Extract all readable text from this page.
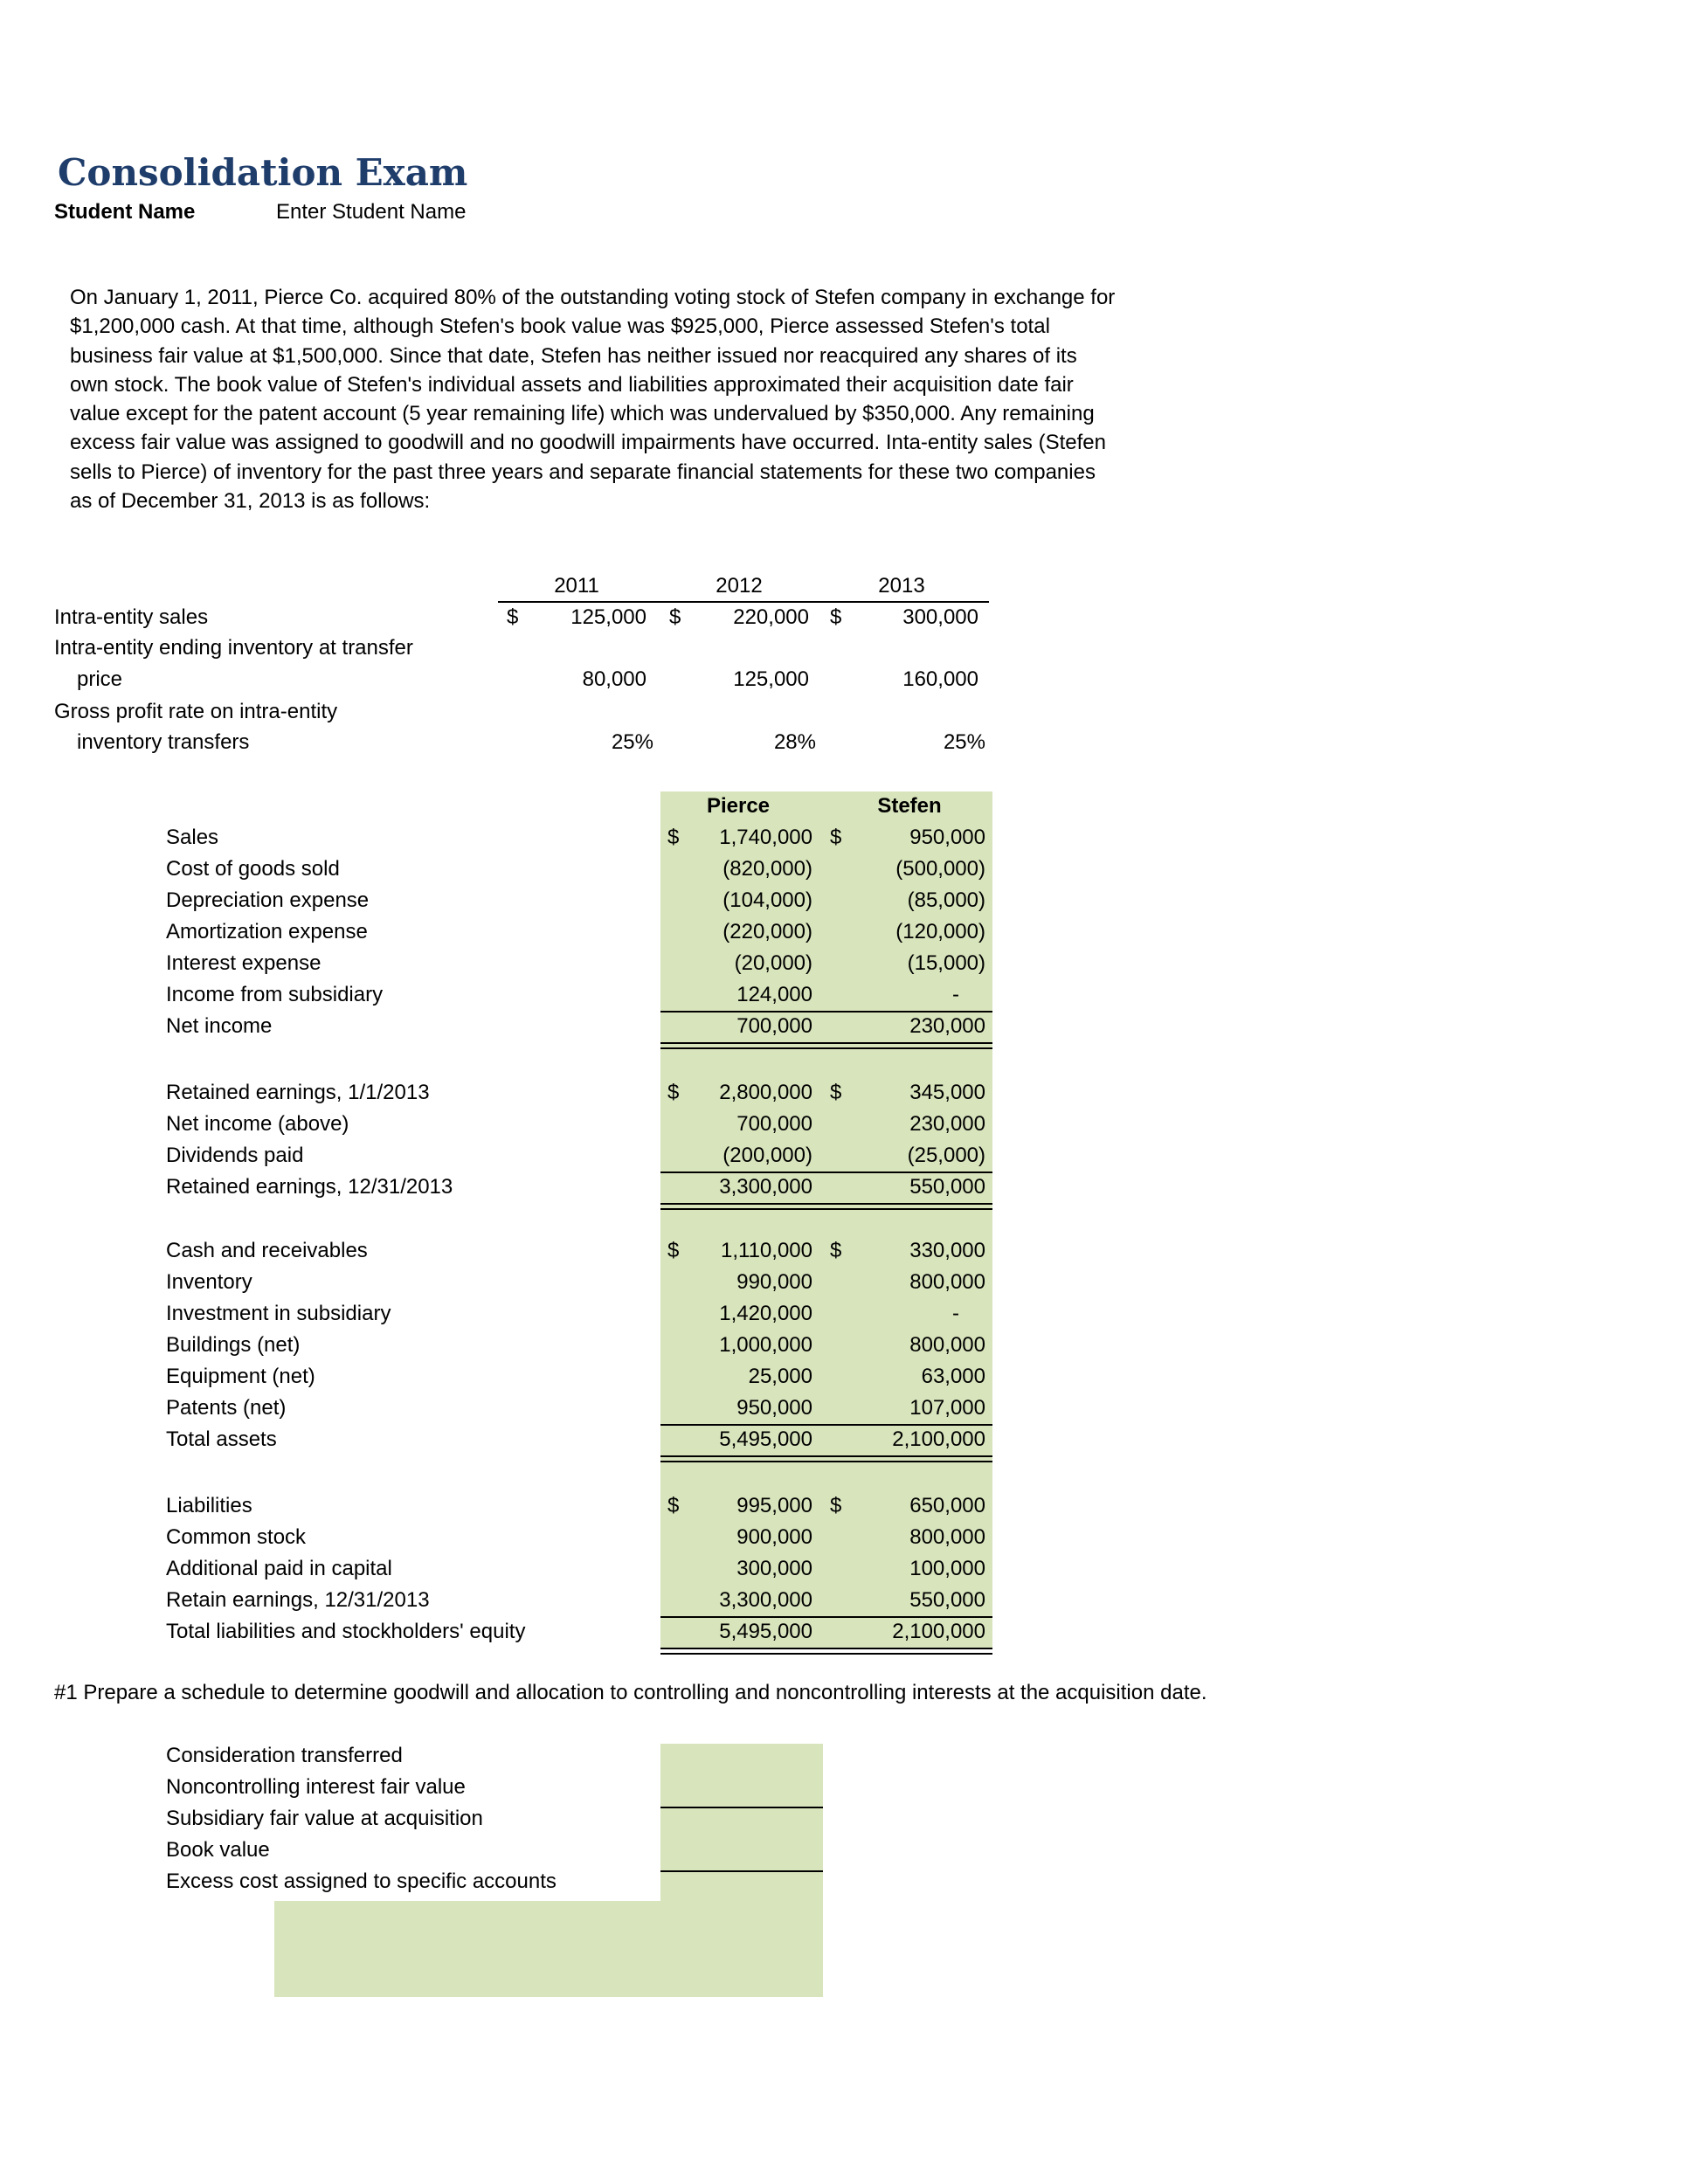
Consolidation Exam
Student Name	Enter Student Name
On January 1, 2011, Pierce Co. acquired 80% of the outstanding voting stock of Stefen company in exchange for
$1,200,000 cash. At that time, although Stefen's book value was $925,000, Pierce assessed Stefen's total
business fair value at $1,500,000. Since that date, Stefen has neither issued nor reacquired any shares of its
own stock. The book value of Stefen's individual assets and liabilities approximated their acquisition date fair
value except for the patent account (5 year remaining life) which was undervalued by $350,000. Any remaining
excess fair value was assigned to goodwill and no goodwill impairments have occurred. Inta-entity sales (Stefen
sells to Pierce) of inventory for the past three years and separate financial statements for these two companies
as of December 31, 2013 is as follows:
2011	2012	2013
Intra-entity sales	$	125,000 $	220,000 $	300,000
Intra-entity ending inventory at transfer
price	80,000	125,000	160,000
Gross profit rate on intra-entity
inventory transfers	25%	28%	25%
Pierce	Stefen
Sales	$	1,740,000 $	950,000
Cost of goods sold	(820,000)	(500,000)
Depreciation expense	(104,000)	(85,000)
Amortization expense	(220,000)	(120,000)
Interest expense	(20,000)	(15,000)
Income from subsidiary	124,000	-
Net income	700,000	230,000
Retained earnings, 1/1/2013	$	2,800,000 $	345,000
Net income (above)	700,000	230,000
Dividends paid	(200,000)	(25,000)
Retained earnings, 12/31/2013	3,300,000	550,000
Cash and receivables	$	1,110,000 $	330,000
Inventory	990,000	800,000
Investment in subsidiary	1,420,000	-
Buildings (net)	1,000,000	800,000
Equipment (net)	25,000	63,000
Patents (net)	950,000	107,000
Total assets	5,495,000	2,100,000
Liabilities	$	995,000 $	650,000
Common stock	900,000	800,000
Additional paid in capital	300,000	100,000
Retain earnings, 12/31/2013	3,300,000	550,000
Total liabilities and stockholders' equity	5,495,000	2,100,000
#1 Prepare a schedule to determine goodwill and allocation to controlling and noncontrolling interests at the acquisition date.
Consideration transferred
Noncontrolling interest fair value
Subsidiary fair value at acquisition
Book value
Excess cost assigned to specific accounts
